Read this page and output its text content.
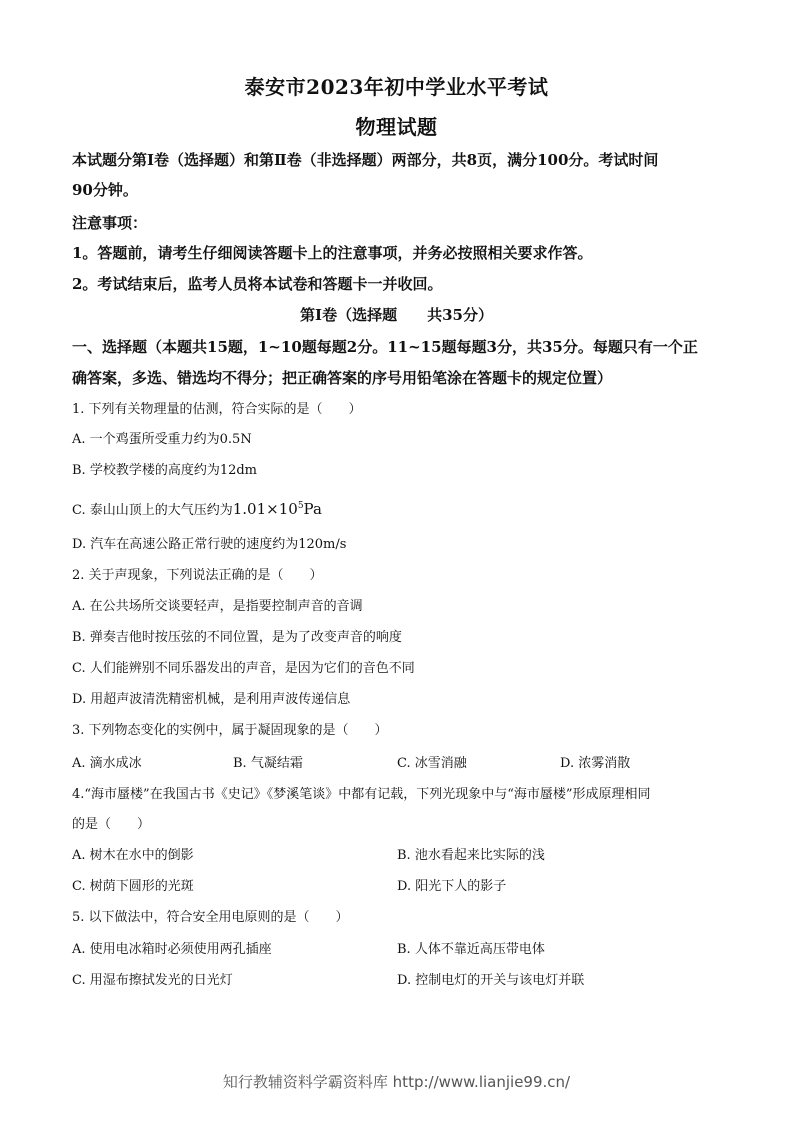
泰安市2023年初中学业水平考试
物理试题
本试题分第Ⅰ卷（选择题）和第Ⅱ卷（非选择题）两部分，共8页，满分100分。考试时间
90分钟。
注意事项：
1。答题前，请考生仔细阅读答题卡上的注意事项，并务必按照相关要求作答。
2。考试结束后，监考人员将本试卷和答题卡一并收回。
第Ⅰ卷（选择题　　共35分）
一、选择题（本题共15题，1~10题每题2分。11~15题每题3分，共35分。每题只有一个正
确答案，多选、错选均不得分；把正确答案的序号用铅笔涂在答题卡的规定位置）
1. 下列有关物理量的估测，符合实际的是（　　）
A. 一个鸡蛋所受重力约为0.5N
B. 学校教学楼的高度约为12dm
C. 泰山山顶上的大气压约为$1.01\times 10^5Pa$
D. 汽车在高速公路正常行驶的速度约为120m/s
2. 关于声现象，下列说法正确的是（　　）
A. 在公共场所交谈要轻声，是指要控制声音的音调
B. 弹奏吉他时按压弦的不同位置，是为了改变声音的响度
C. 人们能辨别不同乐器发出的声音，是因为它们的音色不同
D. 用超声波清洗精密机械，是利用声波传递信息
3. 下列物态变化的实例中，属于凝固现象的是（　　）
A. 滴水成冰	B. 气凝结霜	C. 冰雪消融	D. 浓雾消散
4.“海市蜃楼”在我国古书《史记》《梦溪笔谈》中都有记载，下列光现象中与“海市蜃楼”形成原理相同
的是（　　）
A. 树木在水中的倒影	B. 池水看起来比实际的浅
C. 树荫下圆形的光斑	D. 阳光下人的影子
5. 以下做法中，符合安全用电原则的是（　　）
A. 使用电冰箱时必须使用两孔插座	B. 人体不靠近高压带电体
C. 用湿布擦拭发光的日光灯	D. 控制电灯的开关与该电灯并联
知行教辅资料学霸资料库 http://www.lianjie99.cn/
